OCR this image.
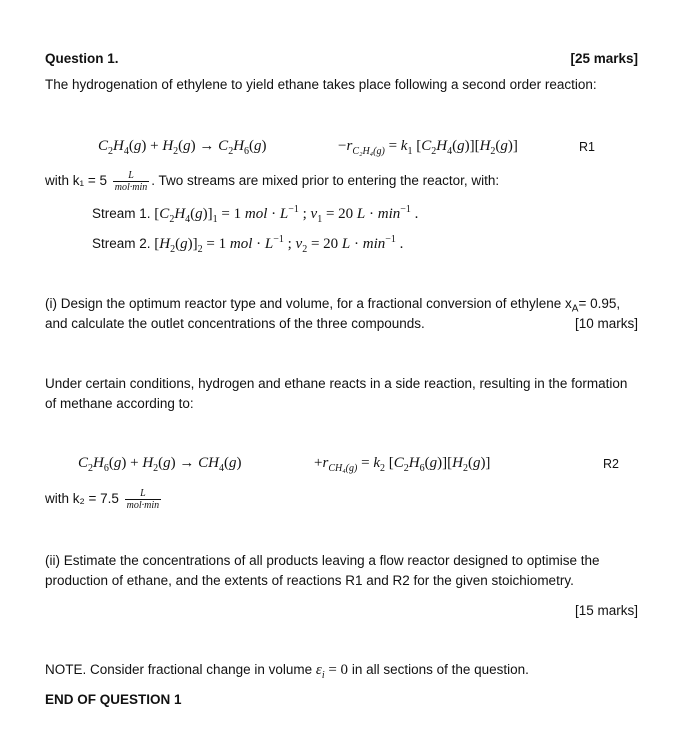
Question 1.	[25 marks]
The hydrogenation of ethylene to yield ethane takes place following a second order reaction:
$C_2H_4(g) + H_2(g) \to C_2H_6(g)$	$-r_{C_2H_4(g)} = k_1$ $[C_2H_4(g)][H_2(g)]$	R1
with $k_1 = 5 \frac{L}{\text{mol·min}}$ . Two streams are mixed prior to entering the reactor, with:
Stream 1. $[C_2H_4(g)]_1 = 1$ mol · $L^{-1}$ ; $v_1 = 20$ $L \cdot \min^{-1}$ .
Stream 2. $[H_2(g)]_2 = 1$ mol · $L^{-1}$ ; $v_2 = 20$ $L \cdot \min^{-1}$ .
(i) Design the optimum reactor type and volume, for a fractional conversion of ethylene $x_A= 0.95$,
and calculate the outlet concentrations of the three compounds.	[10 marks]
Under certain conditions, hydrogen and ethane reacts in a side reaction, resulting in the formation
of methane according to:
$C_2H_6(g) + H_2(g) \to CH_4(g)$	$+r_{CH_4(g)} = k_2$ $[C_2H_6(g)][H_2(g)]$	R2
with $k_2 = 7.5 \frac{L}{\text{mol·min}}$
(ii) Estimate the concentrations of all products leaving a flow reactor designed to optimise the
production of ethane, and the extents of reactions R1 and R2 for the given stoichiometry.
[15 marks]
NOTE. Consider fractional change in volume $\varepsilon_i = 0$ in all sections of the question.
END OF QUESTION 1
